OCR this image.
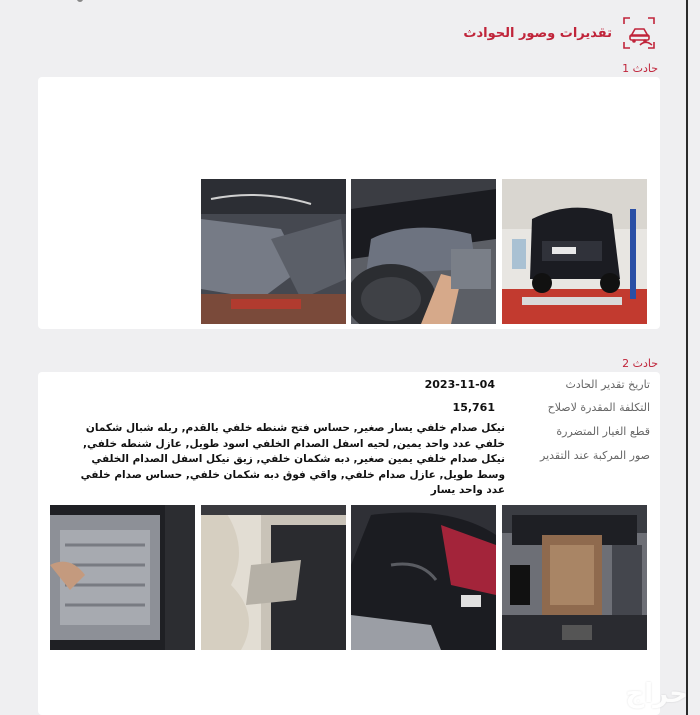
تقديرات وصور الحوادث
حادث 1
حادث 2
تاريخ تقدير الحادث
2023-11-04
التكلفة المقدرة لاصلاح
15,761
قطع الغيار المتضررة
نيكل صدام خلفي يسار صغير, حساس فتح شنطه خلفي بالقدم, ربله شبال شكمان خلفي عدد واحد يمين, لحيه اسفل الصدام الخلفي اسود طويل, عازل شنطه خلفي, نيكل صدام خلفي يمين صغير, دبه شكمان خلفي, زيق نيكل اسفل الصدام الخلفي وسط طويل, عازل صدام خلفي, واقي فوق دبه شكمان خلفي, حساس صدام خلفي عدد واحد يسار
صور المركبة عند التقدير
حراج
